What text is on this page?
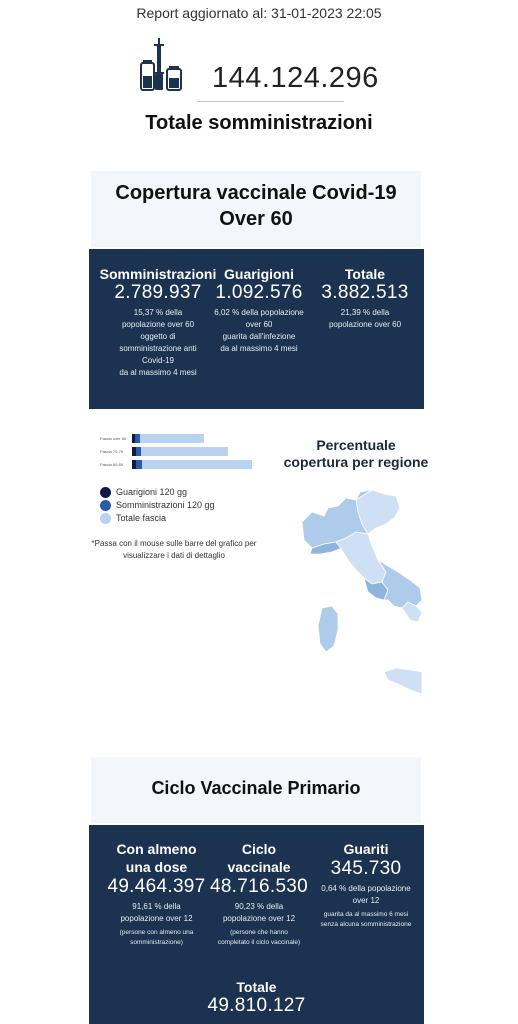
Report aggiornato al: 31-01-2023 22:05
144.124.296
Totale somministrazioni
Copertura vaccinale Covid-19
Over 60
Somministrazioni
2.789.937
15,37 % della
popolazione over 60
oggetto di
somministrazione anti
Covid-19
da al massimo 4 mesi
Guarigioni
1.092.576
6,02 % della popolazione
over 60
guarita dall'infezione
da al massimo 4 mesi
Totale
3.882.513
21,39 % della
popolazione over 60
Fascia over 80
Fascia 70-79
Fascia 60-69
Guarigioni 120 gg
Somministrazioni 120 gg
Totale fascia
*Passa con il mouse sulle barre del grafico per
visualizzare i dati di dettaglio
Percentuale
copertura per regione
Ciclo Vaccinale Primario
Con almeno
una dose
49.464.397
91,61 % della
popolazione over 12
(persone con almeno una
somministrazione)
Ciclo
vaccinale
48.716.530
90,23 % della
popolazione over 12
(persone che hanno
completato il ciclo vaccinale)
Guariti
345.730
0,64 % della popolazione
over 12
guarita da al massimo 6 mesi
senza alcuna somministrazione
Totale
49.810.127
